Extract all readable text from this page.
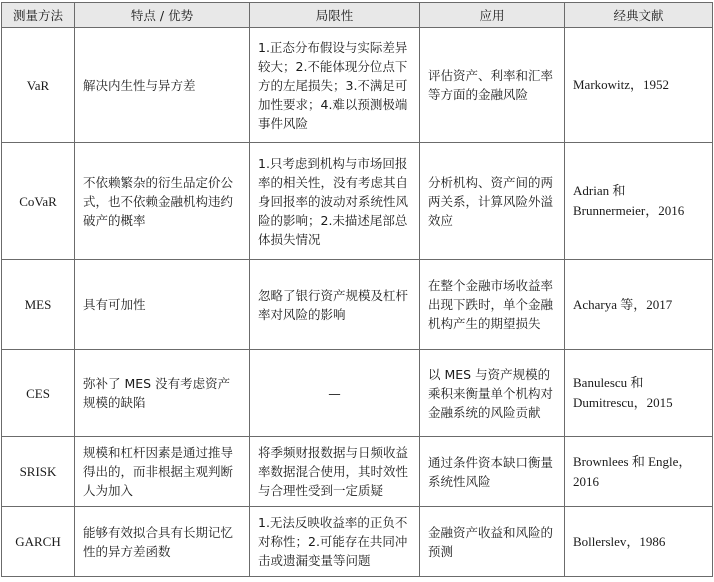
测量方法	特点 / 优势	局限性	应用	经典文献
VaR	解决内生性与异方差	1.正态分布假设与实际差异较大；2.不能体现分位点下方的左尾损失；3.不满足可加性要求；4.难以预测极端事件风险	评估资产、利率和汇率等方面的金融风险	Markowitz，1952
CoVaR	不依赖繁杂的衍生品定价公式，也不依赖金融机构违约破产的概率	1.只考虑到机构与市场回报率的相关性，没有考虑其自身回报率的波动对系统性风险的影响；2.未描述尾部总体损失情况	分析机构、资产间的两两关系，计算风险外溢效应	Adrian 和 Brunnermeier，2016
MES	具有可加性	忽略了银行资产规模及杠杆率对风险的影响	在整个金融市场收益率出现下跌时，单个金融机构产生的期望损失	Acharya 等，2017
CES	弥补了 MES 没有考虑资产规模的缺陷	—	以 MES 与资产规模的乘积来衡量单个机构对金融系统的风险贡献	Banulescu 和 Dumitrescu，2015
SRISK	规模和杠杆因素是通过推导得出的，而非根据主观判断人为加入	将季频财报数据与日频收益率数据混合使用，其时效性与合理性受到一定质疑	通过条件资本缺口衡量系统性风险	Brownlees 和 Engle，2016
GARCH	能够有效拟合具有长期记忆性的异方差函数	1.无法反映收益率的正负不对称性；2.可能存在共同冲击或遗漏变量等问题	金融资产收益和风险的预测	Bollerslev，1986
